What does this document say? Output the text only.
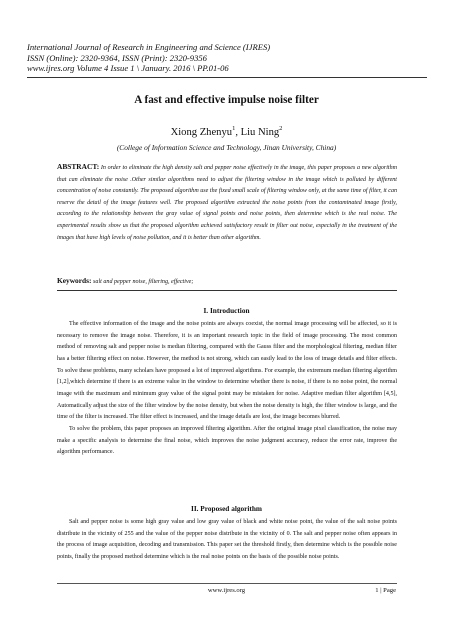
International Journal of Research in Engineering and Science (IJRES)
ISSN (Online): 2320-9364, ISSN (Print): 2320-9356
www.ijres.org Volume 4 Issue 1 \ January. 2016 \ PP.01-06
A fast and effective impulse noise filter
Xiong Zhenyu$^1$, Liu Ning$^2$
(College of Information Science and Technology, Jinan University, China)
ABSTRACT: In order to eliminate the high density salt and pepper noise effectively in the image, this paper proposes a new algorithm that can eliminate the noise .Other similar algorithms need to adjust the filtering window in the image which is polluted by different concentration of noise constantly. The proposed algorithm use the fixed small scale of filtering window only, at the same time of filter, it can reserve the detail of the image features well. The proposed algorithm extracted the noise points from the contaminated image firstly, according to the relationship between the gray value of signal points and noise points, then determine which is the real noise. The experimental results show us that the proposed algorithm achieved satisfactory result in filter out noise, especially in the treatment of the images that have high levels of noise pollution, and it is better than other algorithm.
Keywords: salt and pepper noise, filtering, effective;
I. Introduction

The effective information of the image and the noise points are always coexist, the normal image processing will be affected, so it is necessary to remove the image noise. Therefore, it is an important research topic in the field of image processing. The most common method of removing salt and pepper noise is median filtering, compared with the Gauss filter and the morphological filtering, median filter has a better filtering effect on noise. However, the method is not strong, which can easily lead to the loss of image details and filter effects. To solve these problems, many scholars have proposed a lot of improved algorithms. For example, the extremum median filtering algorithm [1,2],which determine if there is an extreme value in the window to determine whether there is noise, if there is no noise point, the normal image with the maximum and minimum gray value of the signal point may be mistaken for noise. Adaptive median filter algorithm [4,5], Automatically adjust the size of the filter window by the noise density, but when the noise density is high, the filter window is large, and the time of the filter is increased. The filter effect is increased, and the image details are lost, the image becomes blurred.

To solve the problem, this paper proposes an improved filtering algorithm. After the original image pixel classification, the noise may make a specific analysis to determine the final noise, which improves the noise judgment accuracy, reduce the error rate, improve the algorithm performance.

II. Proposed algorithm

Salt and pepper noise is some high gray value and low gray value of black and white noise point, the value of the salt noise points distribute in the vicinity of 255 and the value of the pepper noise distribute in the vicinity of 0. The salt and pepper noise often appears in the process of image acquisition, decoding and transmission. This paper set the threshold firstly, then determine which is the possible noise points, finally the proposed method determine which is the real noise points on the basis of the possible noise points.

www.ijres.org	1 | Page
